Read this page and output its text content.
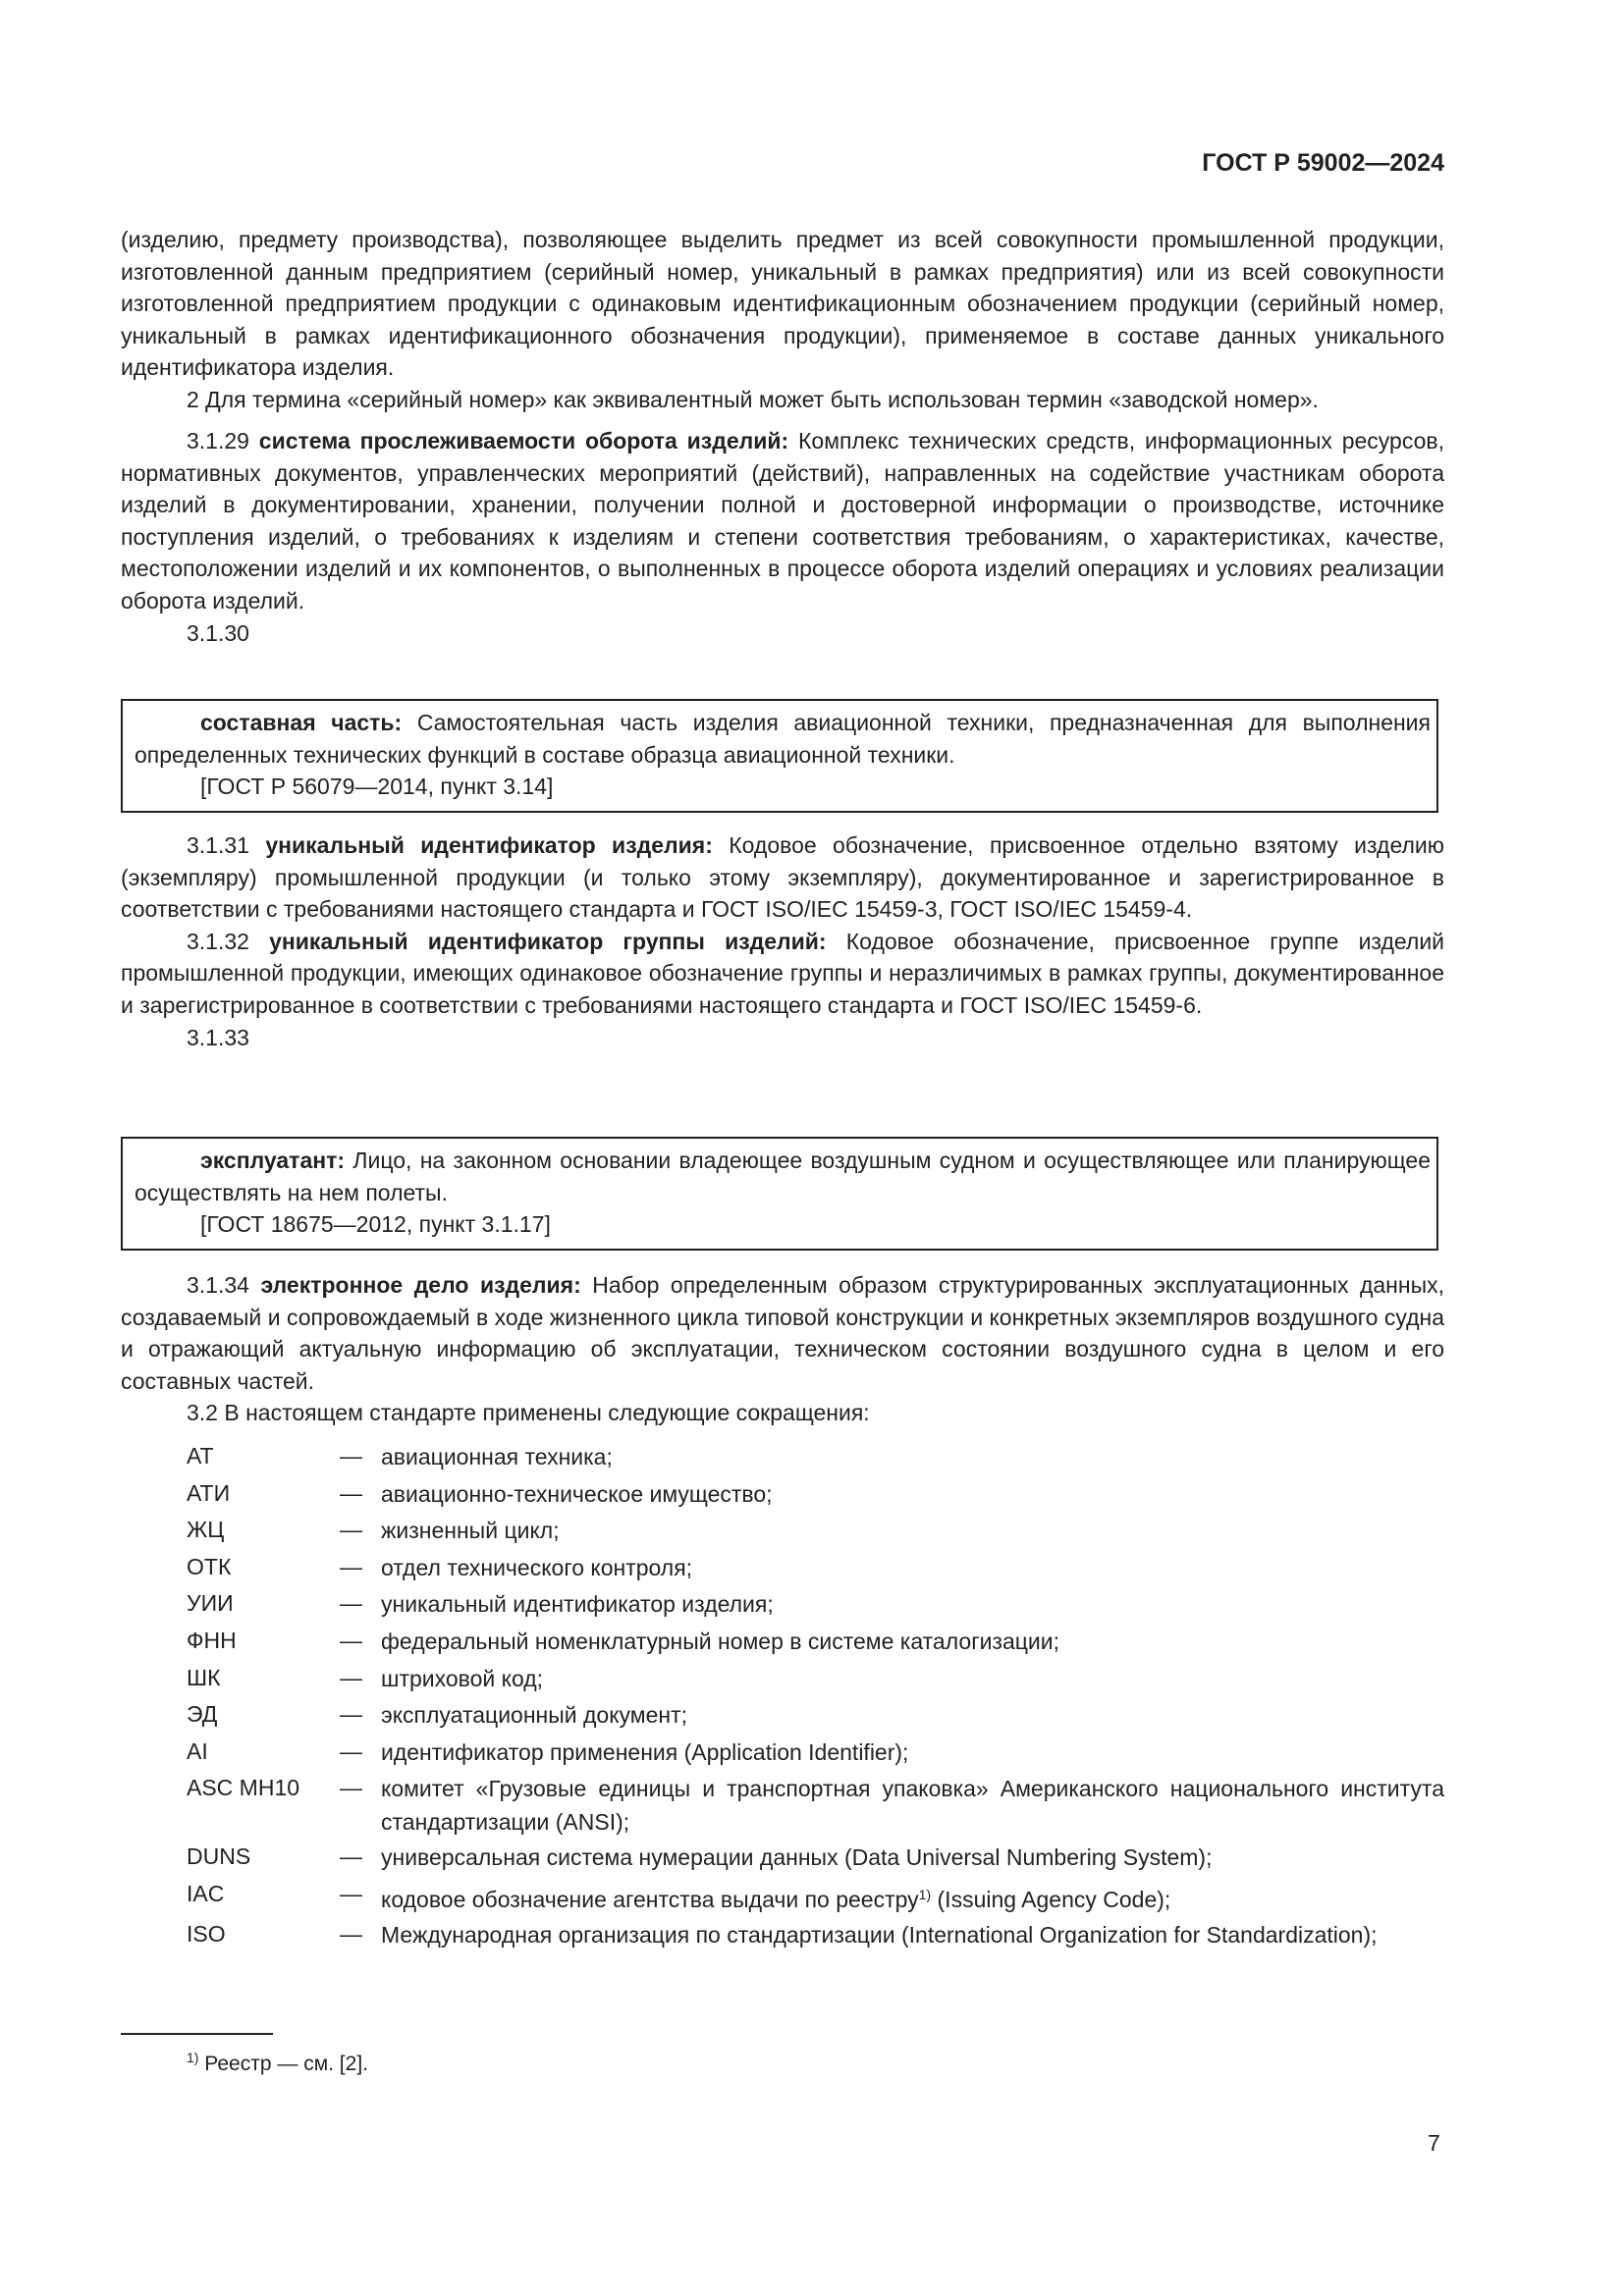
ГОСТ Р 59002—2024

(изделию, предмету производства), позволяющее выделить предмет из всей совокупности промышленной продукции, изготовленной данным предприятием (серийный номер, уникальный в рамках предприятия) или из всей совокупности изготовленной предприятием продукции с одинаковым идентификационным обозначением продукции (серийный номер, уникальный в рамках идентификационного обозначения продукции), применяемое в составе данных уникального идентификатора изделия.

2 Для термина «серийный номер» как эквивалентный может быть использован термин «заводской номер».

3.1.29 система прослеживаемости оборота изделий: Комплекс технических средств, информационных ресурсов, нормативных документов, управленческих мероприятий (действий), направленных на содействие участникам оборота изделий в документировании, хранении, получении полной и достоверной информации о производстве, источнике поступления изделий, о требованиях к изделиям и степени соответствия требованиям, о характеристиках, качестве, местоположении изделий и их компонентов, о выполненных в процессе оборота изделий операциях и условиях реализации оборота изделий.

3.1.30

составная часть: Самостоятельная часть изделия авиационной техники, предназначенная для выполнения определенных технических функций в составе образца авиационной техники.

[ГОСТ Р 56079—2014, пункт 3.14]

3.1.31 уникальный идентификатор изделия: Кодовое обозначение, присвоенное отдельно взятому изделию (экземпляру) промышленной продукции (и только этому экземпляру), документированное и зарегистрированное в соответствии с требованиями настоящего стандарта и ГОСТ ISO/IEC 15459-3, ГОСТ ISO/IEC 15459-4.

3.1.32 уникальный идентификатор группы изделий: Кодовое обозначение, присвоенное группе изделий промышленной продукции, имеющих одинаковое обозначение группы и неразличимых в рамках группы, документированное и зарегистрированное в соответствии с требованиями настоящего стандарта и ГОСТ ISO/IEC 15459-6.

3.1.33

эксплуатант: Лицо, на законном основании владеющее воздушным судном и осуществляющее или планирующее осуществлять на нем полеты.

[ГОСТ 18675—2012, пункт 3.1.17]

3.1.34 электронное дело изделия: Набор определенным образом структурированных эксплуатационных данных, создаваемый и сопровождаемый в ходе жизненного цикла типовой конструкции и конкретных экземпляров воздушного судна и отражающий актуальную информацию об эксплуатации, техническом состоянии воздушного судна в целом и его составных частей.

3.2 В настоящем стандарте применены следующие сокращения:

АТ	— авиационная техника;
АТИ	— авиационно-техническое имущество;
ЖЦ	— жизненный цикл;
ОТК	— отдел технического контроля;
УИИ	— уникальный идентификатор изделия;
ФНН	— федеральный номенклатурный номер в системе каталогизации;
ШК	— штриховой код;
ЭД	— эксплуатационный документ;
AI	— идентификатор применения (Application Identifier);
ASC MH10	— комитет «Грузовые единицы и транспортная упаковка» Американского национального института стандартизации (ANSI);
DUNS	— универсальная система нумерации данных (Data Universal Numbering System);
IAC	— кодовое обозначение агентства выдачи по реестру$^{1)}$ (Issuing Agency Code);
ISO	— Международная организация по стандартизации (International Organization for Standardization);
$^{1)}$ Реестр — см. [2].
7
